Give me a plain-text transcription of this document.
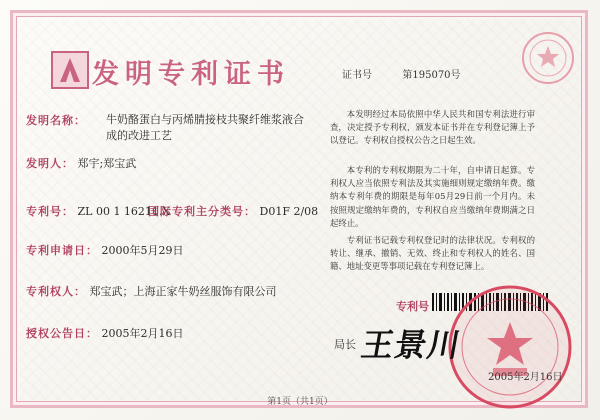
发明专利证书	证书号	第195070号
发明名称： 牛奶酪蛋白与丙烯腈接枝共聚纤维浆液合成的改进工艺
发明人： 郑宇;郑宝武
专利号： ZL 00 1 16211.X
国际专利主分类号： D01F 2/08
专利申请日： 2000年5月29日
专利权人： 郑宝武；上海正家牛奶丝服饰有限公司
授权公告日： 2005年2月16日
本发明经过本局依照中华人民共和国专利法进行审查，决定授予专利权，颁发本证书并在专利登记簿上予以登记。专利权自授权公告之日起生效。
本专利的专利权期限为二十年，自申请日起算。专利权人应当依照专利法及其实施细则规定缴纳年费。缴纳本专利年费的期限是每年05月29日前一个月内。未按照规定缴纳年费的，专利权自应当缴纳年费期满之日起终止。
专利证书记载专利权登记时的法律状况。专利权的转让、继承、撤销、无效、终止和专利权人的姓名、国籍、地址变更等事项记载在专利登记簿上。
专利号
局长 王景川
2005年2月16日
第1页（共1页）
